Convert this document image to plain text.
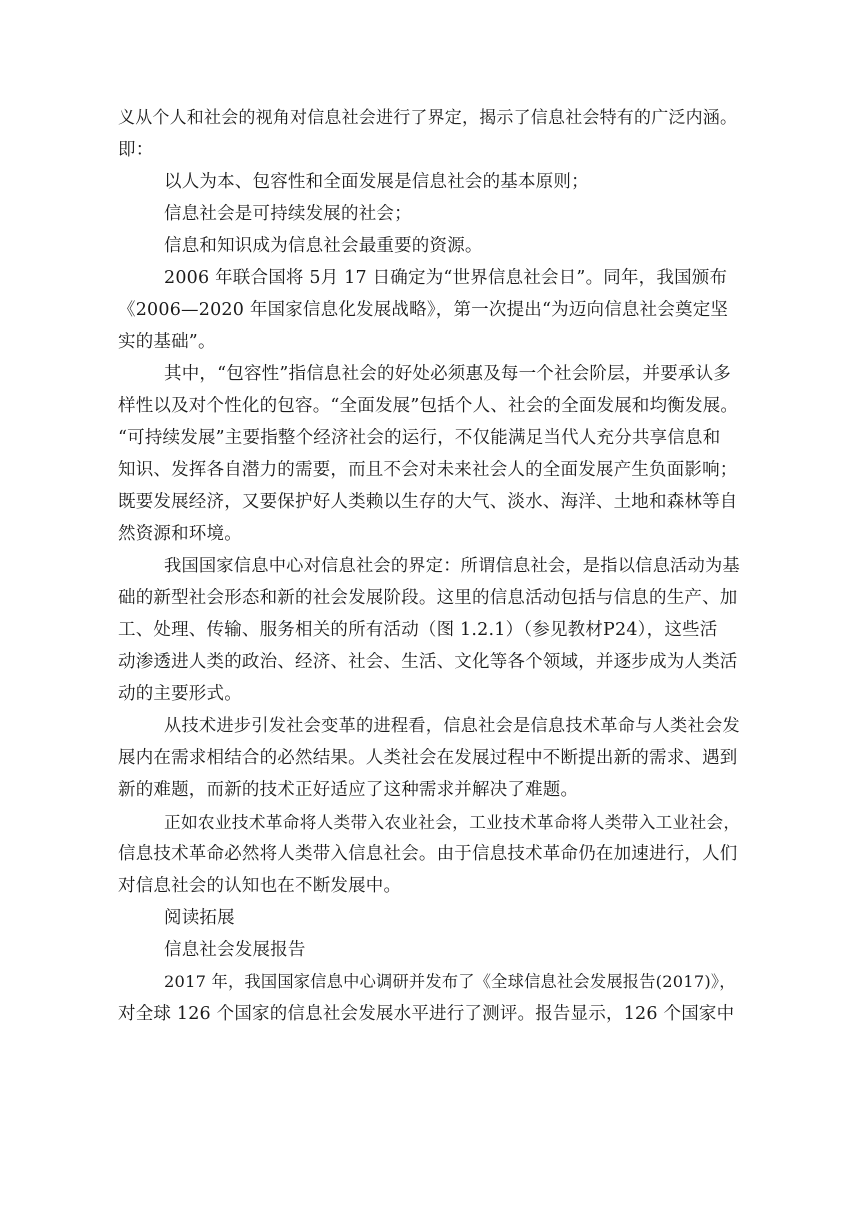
义从个人和社会的视角对信息社会进行了界定，揭示了信息社会特有的广泛内涵。
即：
以人为本、包容性和全面发展是信息社会的基本原则；
信息社会是可持续发展的社会；
信息和知识成为信息社会最重要的资源。
2006 年联合国将 5月 17 日确定为“世界信息社会日”。同年，我国颁布
《2006—2020 年国家信息化发展战略》，第一次提出“为迈向信息社会奠定坚
实的基础”。
其中，“包容性”指信息社会的好处必须惠及每一个社会阶层，并要承认多
样性以及对个性化的包容。“全面发展”包括个人、社会的全面发展和均衡发展。
“可持续发展”主要指整个经济社会的运行，不仅能满足当代人充分共享信息和
知识、发挥各自潜力的需要，而且不会对未来社会人的全面发展产生负面影响；
既要发展经济，又要保护好人类赖以生存的大气、淡水、海洋、土地和森林等自
然资源和环境。
我国国家信息中心对信息社会的界定：所谓信息社会，是指以信息活动为基
础的新型社会形态和新的社会发展阶段。这里的信息活动包括与信息的生产、加
工、处理、传输、服务相关的所有活动（图 1.2.1）（参见教材P24），这些活
动渗透进人类的政治、经济、社会、生活、文化等各个领域，并逐步成为人类活
动的主要形式。
从技术进步引发社会变革的进程看，信息社会是信息技术革命与人类社会发
展内在需求相结合的必然结果。人类社会在发展过程中不断提出新的需求、遇到
新的难题，而新的技术正好适应了这种需求并解决了难题。
正如农业技术革命将人类带入农业社会，工业技术革命将人类带入工业社会，
信息技术革命必然将人类带入信息社会。由于信息技术革命仍在加速进行，人们
对信息社会的认知也在不断发展中。
阅读拓展
信息社会发展报告
2017 年，我国国家信息中心调研并发布了《全球信息社会发展报告(2017)》，
对全球 126 个国家的信息社会发展水平进行了测评。报告显示，126 个国家中
